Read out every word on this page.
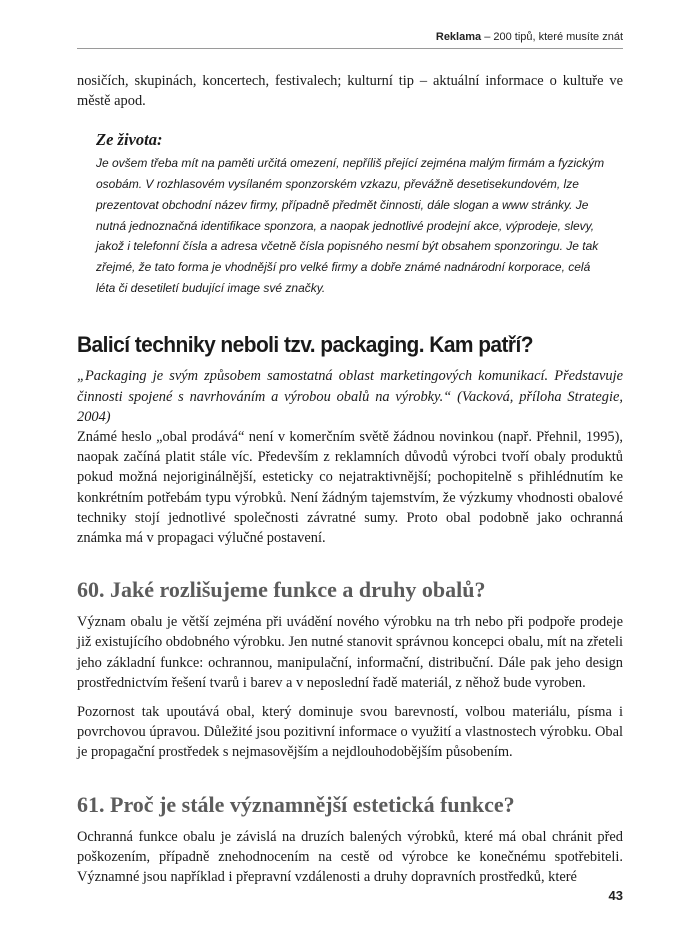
Reklama – 200 tipů, které musíte znát

nosičích, skupinách, koncertech, festivalech; kulturní tip – aktuální informace o kultuře ve městě apod.

Ze života:
Je ovšem třeba mít na paměti určitá omezení, nepříliš přející zejména malým firmám a fyzickým osobám. V rozhlasovém vysílaném sponzorském vzkazu, převážně desetisekundovém, lze prezentovat obchodní název firmy, případně předmět činnosti, dále slogan a www stránky. Je nutná jednoznačná identifikace sponzora, a naopak jednotlivé prodejní akce, výprodeje, slevy, jakož i telefonní čísla a adresa včetně čísla popisného nesmí být obsahem sponzoringu. Je tak zřejmé, že tato forma je vhodnější pro velké firmy a dobře známé nadnárodní korporace, celá léta či desetiletí budující image své značky.
Balicí techniky neboli tzv. packaging. Kam patří?

„Packaging je svým způsobem samostatná oblast marketingových komunikací. Představuje činnosti spojené s navrhováním a výrobou obalů na výrobky.“ (Vacková, příloha Strategie, 2004)

Známé heslo „obal prodává“ není v komerčním světě žádnou novinkou (např. Přehnil, 1995), naopak začíná platit stále víc. Především z reklamních důvodů výrobci tvoří obaly produktů pokud možná nejoriginálnější, esteticky co nejatraktivnější; pochopitelně s přihlédnutím ke konkrétním potřebám typu výrobků. Není žádným tajemstvím, že výzkumy vhodnosti obalové techniky stojí jednotlivé společnosti závratné sumy. Proto obal podobně jako ochranná známka má v propagaci výlučné postavení.

60. Jaké rozlišujeme funkce a druhy obalů?

Význam obalu je větší zejména při uvádění nového výrobku na trh nebo při podpoře prodeje již existujícího obdobného výrobku. Jen nutné stanovit správnou koncepci obalu, mít na zřeteli jeho základní funkce: ochrannou, manipulační, informační, distribuční. Dále pak jeho design prostřednictvím řešení tvarů i barev a v neposlední řadě materiál, z něhož bude vyroben.

Pozornost tak upoutává obal, který dominuje svou barevností, volbou materiálu, písma i povrchovou úpravou. Důležité jsou pozitivní informace o využití a vlastnostech výrobku. Obal je propagační prostředek s nejmasovějším a nejdlouhodobějším působením.

61. Proč je stále významnější estetická funkce?

Ochranná funkce obalu je závislá na druzích balených výrobků, které má obal chránit před poškozením, případně znehodnocením na cestě od výrobce ke konečnému spotřebiteli. Významné jsou například i přepravní vzdálenosti a druhy dopravních prostředků, které

43
